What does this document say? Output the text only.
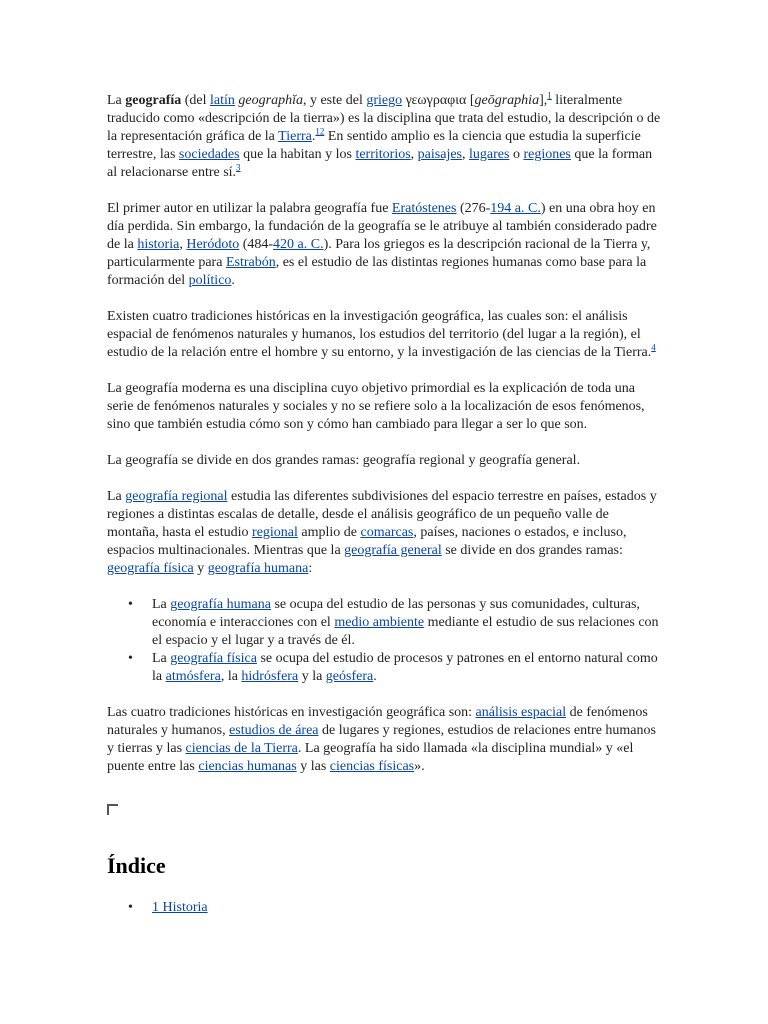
La geografía (del latín geographĭa, y este del griego γεωγραφια [geōgraphia],$^1$ literalmente traducido como «descripción de la tierra») es la disciplina que trata del estudio, la descripción o de la representación gráfica de la Tierra.$^{12}$ En sentido amplio es la ciencia que estudia la superficie terrestre, las sociedades que la habitan y los territorios, paisajes, lugares o regiones que la forman al relacionarse entre sí.$^3$

El primer autor en utilizar la palabra geografía fue Eratóstenes (276-194 a. C.) en una obra hoy en día perdida. Sin embargo, la fundación de la geografía se le atribuye al también considerado padre de la historia, Heródoto (484-420 a. C.). Para los griegos es la descripción racional de la Tierra y, particularmente para Estrabón, es el estudio de las distintas regiones humanas como base para la formación del político.

Existen cuatro tradiciones históricas en la investigación geográfica, las cuales son: el análisis espacial de fenómenos naturales y humanos, los estudios del territorio (del lugar a la región), el estudio de la relación entre el hombre y su entorno, y la investigación de las ciencias de la Tierra.$^4$

La geografía moderna es una disciplina cuyo objetivo primordial es la explicación de toda una serie de fenómenos naturales y sociales y no se refiere solo a la localización de esos fenómenos, sino que también estudia cómo son y cómo han cambiado para llegar a ser lo que son.

La geografía se divide en dos grandes ramas: geografía regional y geografía general.

La geografía regional estudia las diferentes subdivisiones del espacio terrestre en países, estados y regiones a distintas escalas de detalle, desde el análisis geográfico de un pequeño valle de montaña, hasta el estudio regional amplio de comarcas, países, naciones o estados, e incluso, espacios multinacionales. Mientras que la geografía general se divide en dos grandes ramas: geografía física y geografía humana:

• La geografía humana se ocupa del estudio de las personas y sus comunidades, culturas, economía e interacciones con el medio ambiente mediante el estudio de sus relaciones con el espacio y el lugar y a través de él.
• La geografía física se ocupa del estudio de procesos y patrones en el entorno natural como la atmósfera, la hidrósfera y la geósfera.

Las cuatro tradiciones históricas en investigación geográfica son: análisis espacial de fenómenos naturales y humanos, estudios de área de lugares y regiones, estudios de relaciones entre humanos y tierras y las ciencias de la Tierra. La geografía ha sido llamada «la disciplina mundial» y «el puente entre las ciencias humanas y las ciencias físicas».

Índice
• 1 Historia
